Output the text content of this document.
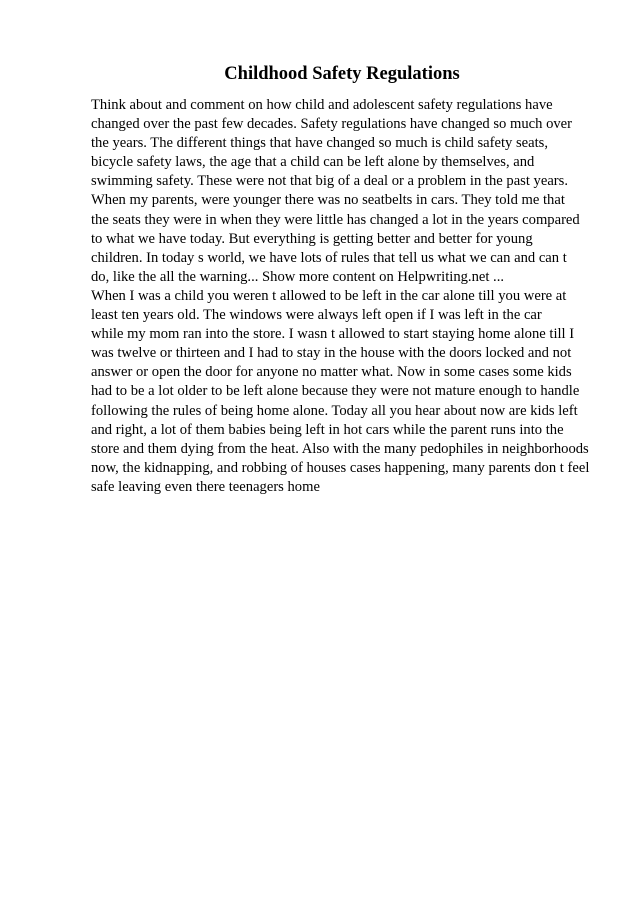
Childhood Safety Regulations
Think about and comment on how child and adolescent safety regulations have
changed over the past few decades. Safety regulations have changed so much over
the years. The different things that have changed so much is child safety seats,
bicycle safety laws, the age that a child can be left alone by themselves, and
swimming safety. These were not that big of a deal or a problem in the past years.
When my parents, were younger there was no seatbelts in cars. They told me that
the seats they were in when they were little has changed a lot in the years compared
to what we have today. But everything is getting better and better for young
children. In today s world, we have lots of rules that tell us what we can and can t
do, like the all the warning... Show more content on Helpwriting.net ...
When I was a child you weren t allowed to be left in the car alone till you were at
least ten years old. The windows were always left open if I was left in the car
while my mom ran into the store. I wasn t allowed to start staying home alone till I
was twelve or thirteen and I had to stay in the house with the doors locked and not
answer or open the door for anyone no matter what. Now in some cases some kids
had to be a lot older to be left alone because they were not mature enough to handle
following the rules of being home alone. Today all you hear about now are kids left
and right, a lot of them babies being left in hot cars while the parent runs into the
store and them dying from the heat. Also with the many pedophiles in neighborhoods
now, the kidnapping, and robbing of houses cases happening, many parents don t feel
safe leaving even there teenagers home
